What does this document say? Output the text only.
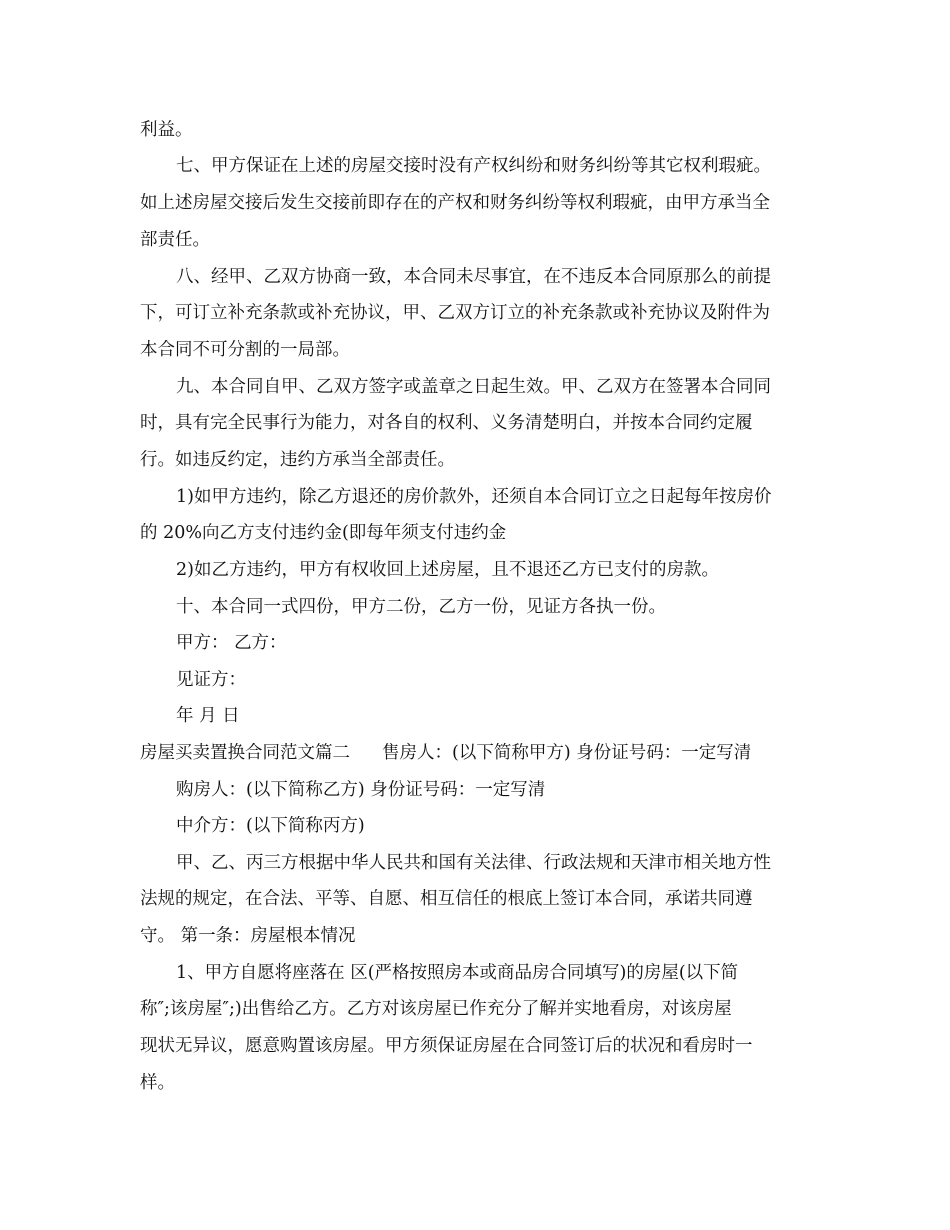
利益。
七、甲方保证在上述的房屋交接时没有产权纠纷和财务纠纷等其它权利瑕疵。
如上述房屋交接后发生交接前即存在的产权和财务纠纷等权利瑕疵，由甲方承当全
部责任。
八、经甲、乙双方协商一致，本合同未尽事宜，在不违反本合同原那么的前提
下，可订立补充条款或补充协议，甲、乙双方订立的补充条款或补充协议及附件为
本合同不可分割的一局部。
九、本合同自甲、乙双方签字或盖章之日起生效。甲、乙双方在签署本合同同
时，具有完全民事行为能力，对各自的权利、义务清楚明白，并按本合同约定履
行。如违反约定，违约方承当全部责任。
1)如甲方违约，除乙方退还的房价款外，还须自本合同订立之日起每年按房价
的 20%向乙方支付违约金(即每年须支付违约金
2)如乙方违约，甲方有权收回上述房屋，且不退还乙方已支付的房款。
十、本合同一式四份，甲方二份，乙方一份，见证方各执一份。
甲方： 乙方：
见证方：
年 月 日
房屋买卖置换合同范文篇二 售房人：(以下简称甲方) 身份证号码：一定写清
购房人：(以下简称乙方) 身份证号码：一定写清
中介方：(以下简称丙方)
甲、乙、丙三方根据中华人民共和国有关法律、行政法规和天津市相关地方性
法规的规定，在合法、平等、自愿、相互信任的根底上签订本合同，承诺共同遵
守。 第一条：房屋根本情况
1、甲方自愿将座落在 区(严格按照房本或商品房合同填写)的房屋(以下简
称″;该房屋″;)出售给乙方。乙方对该房屋已作充分了解并实地看房，对该房屋
现状无异议，愿意购置该房屋。甲方须保证房屋在合同签订后的状况和看房时一
样。
